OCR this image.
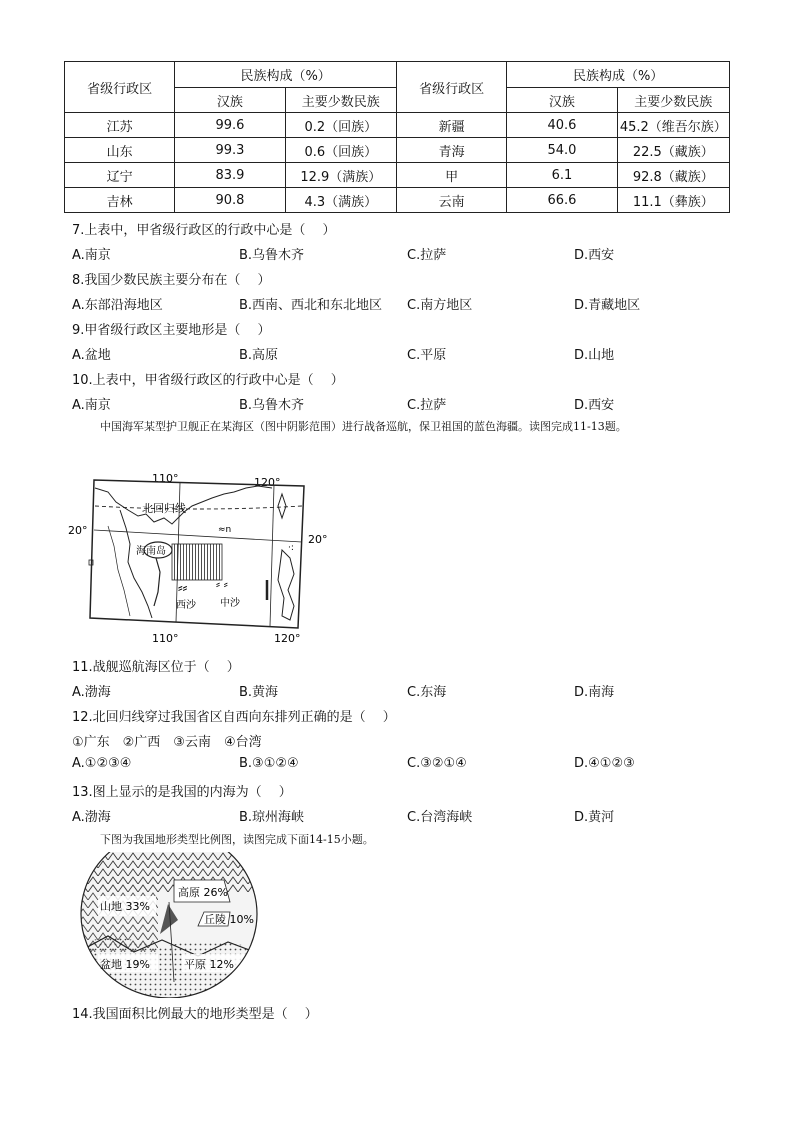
省级行政区	民族构成（%）		省级行政区	民族构成（%）	
	汉族	主要少数民族		汉族	主要少数民族
江苏	99.6	0.2（回族）	新疆	40.6	45.2（维吾尔族）
山东	99.3	0.6（回族）	青海	54.0	22.5（藏族）
辽宁	83.9	12.9（满族）	甲	6.1	92.8（藏族）
吉林	90.8	4.3（满族）	云南	66.6	11.1（彝族）
7.上表中，甲省级行政区的行政中心是（　 ）
A.南京	B.乌鲁木齐	C.拉萨	D.西安
8.我国少数民族主要分布在（　 ）
A.东部沿海地区	B.西南、西北和东北地区 C.南方地区	D.青藏地区
9.甲省级行政区主要地形是（　 ）
A.盆地	B.高原	C.平原	D.山地
10.上表中，甲省级行政区的行政中心是（　 ）
A.南京	B.乌鲁木齐	C.拉萨	D.西安
中国海军某型护卫舰正在某海区（图中阴影范围）进行战备巡航，保卫祖国的蓝色海疆。读图完成11-13题。
110°	120°
20°
20°
110°	120°
北回归线
海南岛
⸗⸗ ⸗ ⸗
西沙 中沙
≈n
·:
11.战舰巡航海区位于（　 ）
A.渤海	B.黄海	C.东海	D.南海
12.北回归线穿过我国省区自西向东排列正确的是（　 ）
①广东　②广西　③云南　④台湾
A.①②③④	B.③①②④	C.③②①④	D.④①②③
13.图上显示的是我国的内海为（　 ）
A.渤海	B.琼州海峡	C.台湾海峡	D.黄河
下图为我国地形类型比例图，读图完成下面14-15小题。
高原 26%
山地 33%
丘陵 10%
盆地 19%	平原 12%
14.我国面积比例最大的地形类型是（　 ）
